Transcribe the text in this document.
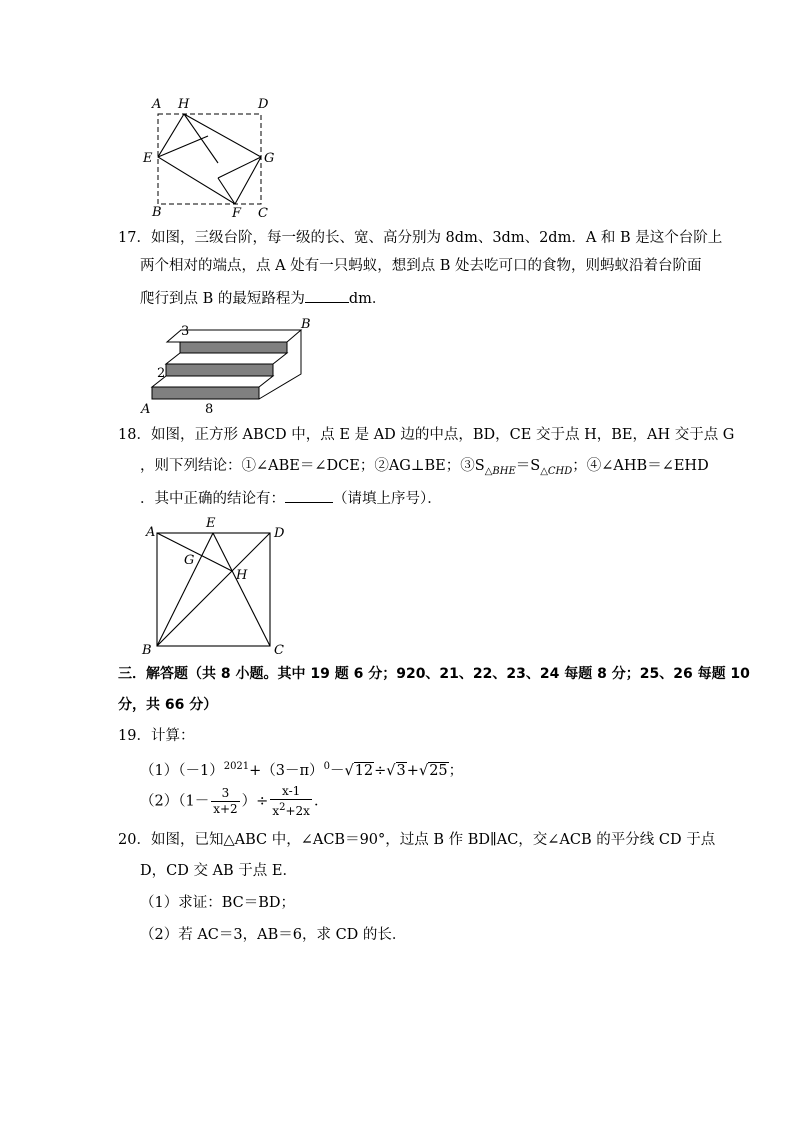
A H	D
E	G
B	F C
17．如图，三级台阶，每一级的长、宽、高分别为 8dm、3dm、2dm．A 和 B 是这个台阶上
两个相对的端点，点 A 处有一只蚂蚁，想到点 B 处去吃可口的食物，则蚂蚁沿着台阶面
爬行到点 B 的最短路程为	dm．
3
2
8
A
B
18．如图，正方形 ABCD 中，点 E 是 AD 边的中点，BD，CE 交于点 H，BE，AH 交于点 G
，则下列结论：①∠ABE＝∠DCE；②AG⊥BE；$③S_{\triangle BHE}=S_{\triangle CHD}$；④∠AHB＝∠EHD
．其中正确的结论有：	（请填上序号）．
A
E
D
G
H
B	C
三．解答题（共 8 小题。其中 19 题 6 分；920、21、22、23、24 每题 8 分；25、26 每题 10
分，共 66 分）
19．计算：
$(1)(-1)^{2021}+(3-\pi)^0-√12\div√3+√25$；
$(2)(1- \frac{3}{x+2}$ ）÷ $\frac{x-1}{x^2+2x}$ ．
20．如图，已知△ABC 中，∠ACB＝90°，过点 B 作 BD∥AC，交∠ACB 的平分线 CD 于点
D，CD 交 AB 于点 E．
（1）求证：BC＝BD；
（2）若 AC＝3，AB＝6，求 CD 的长．
